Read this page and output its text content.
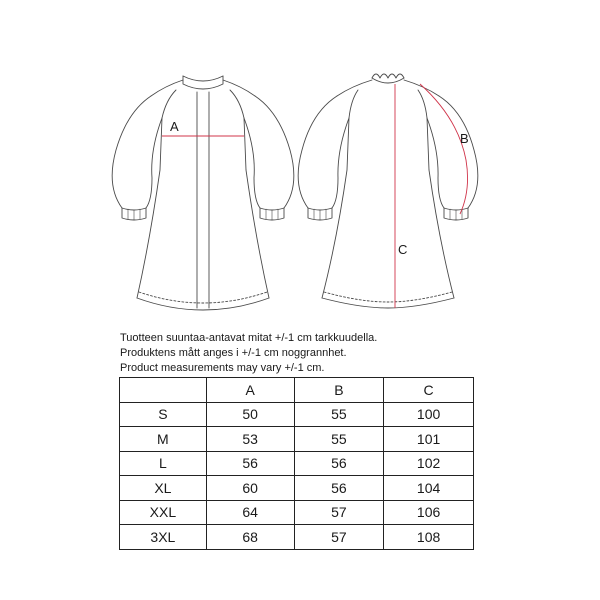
A
B
C
Tuotteen suuntaa-antavat mitat +/-1 cm tarkkuudella.
Produktens mått anges i +/-1 cm noggrannhet.
Product measurements may vary +/-1 cm.
	A	B	C
S	50	55	100
M	53	55	101
L	56	56	102
XL	60	56	104
XXL	64	57	106
3XL	68	57	108
